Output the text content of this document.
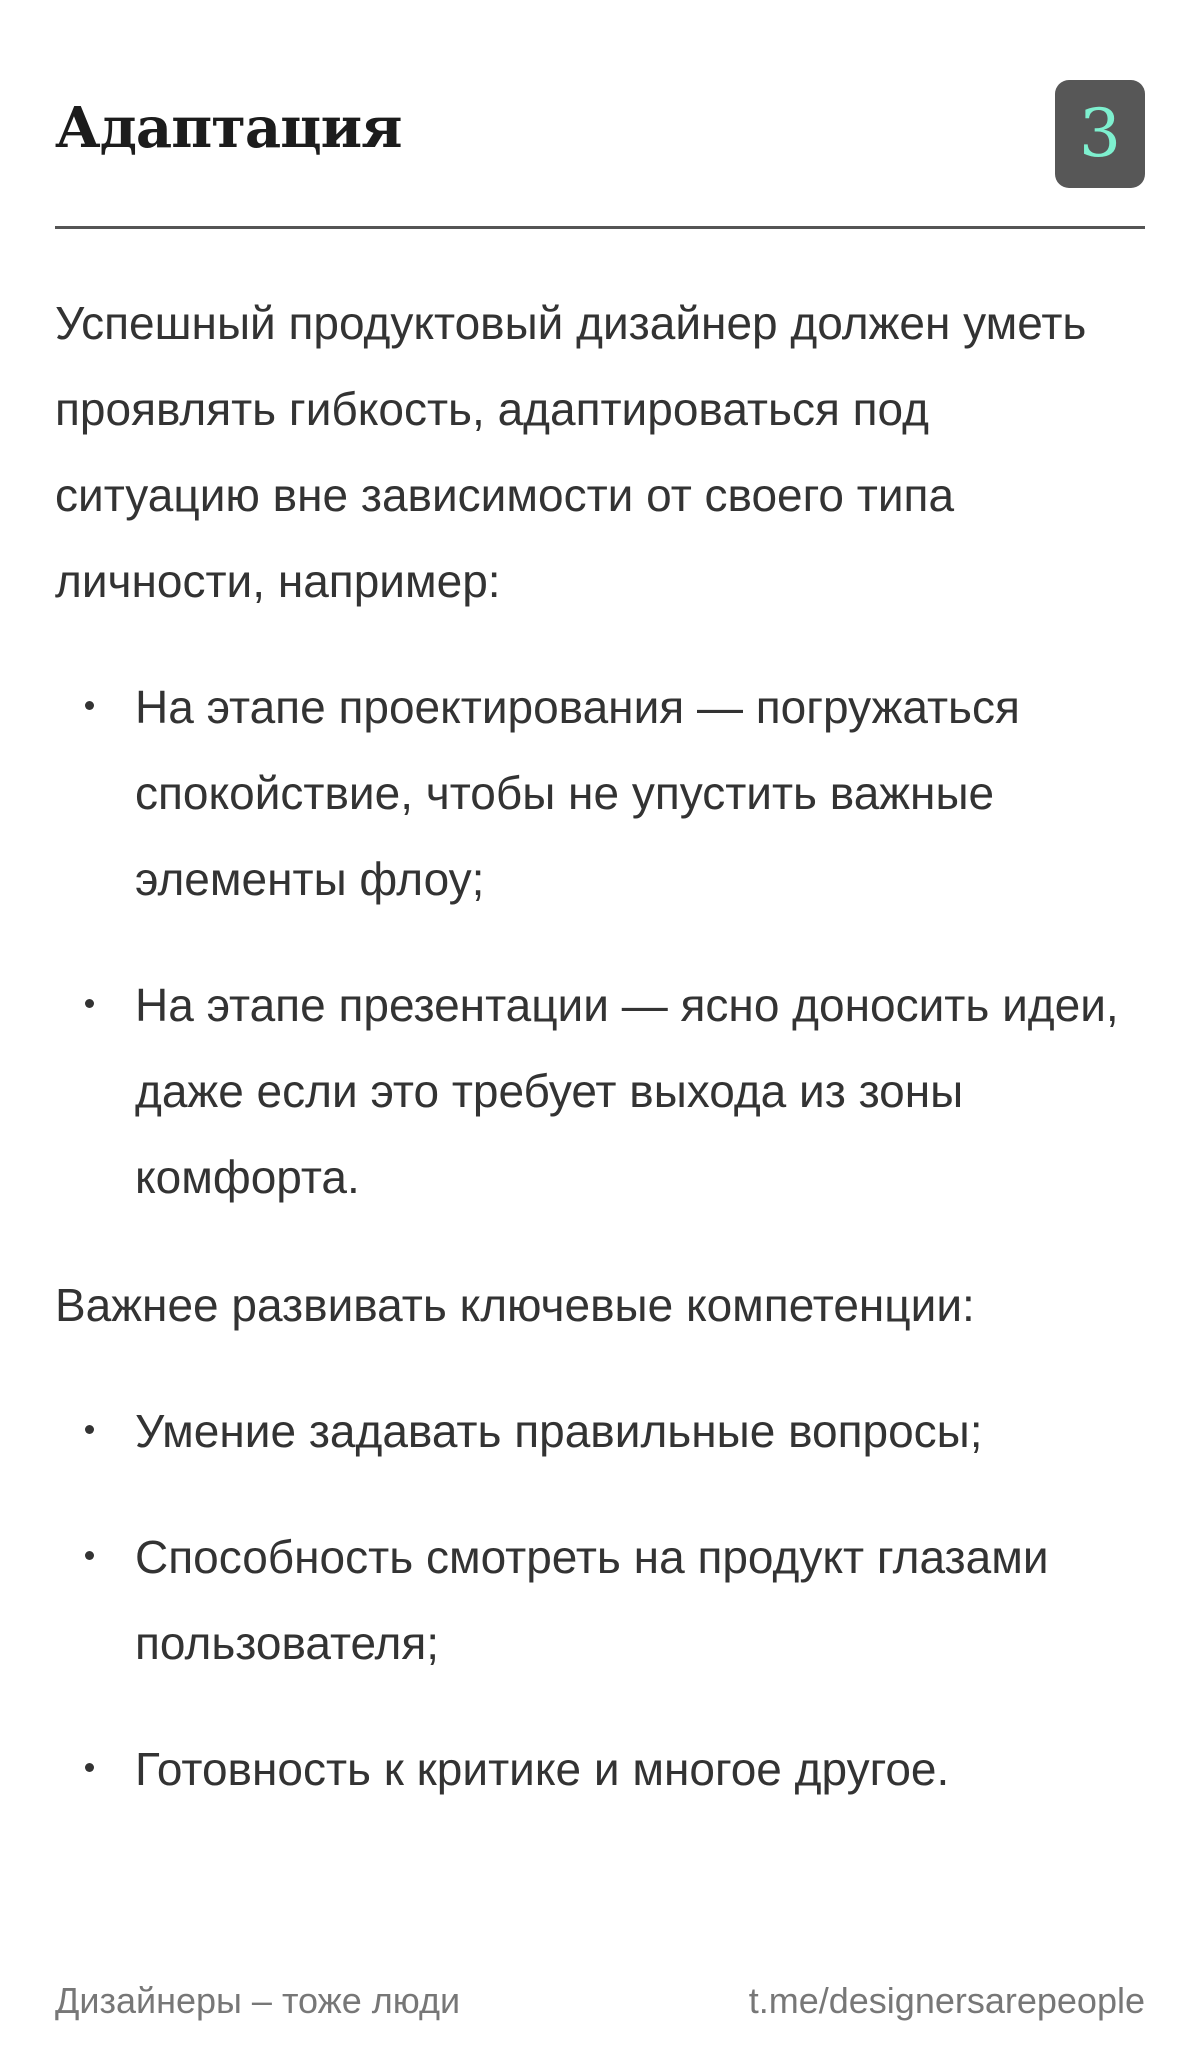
Адаптация	3

Успешный продуктовый дизайнер должен уметь проявлять гибкость, адаптироваться под ситуацию вне зависимости от своего типа личности, например:

На этапе проектирования — погружаться спокойствие, чтобы не упустить важные элементы флоу;
На этапе презентации — ясно доносить идеи, даже если это требует выхода из зоны комфорта.

Важнее развивать ключевые компетенции:

Умение задавать правильные вопросы;
Способность смотреть на продукт глазами пользователя;
Готовность к критике и многое другое.
Дизайнеры – тоже люди	t.me/designersarepeople
